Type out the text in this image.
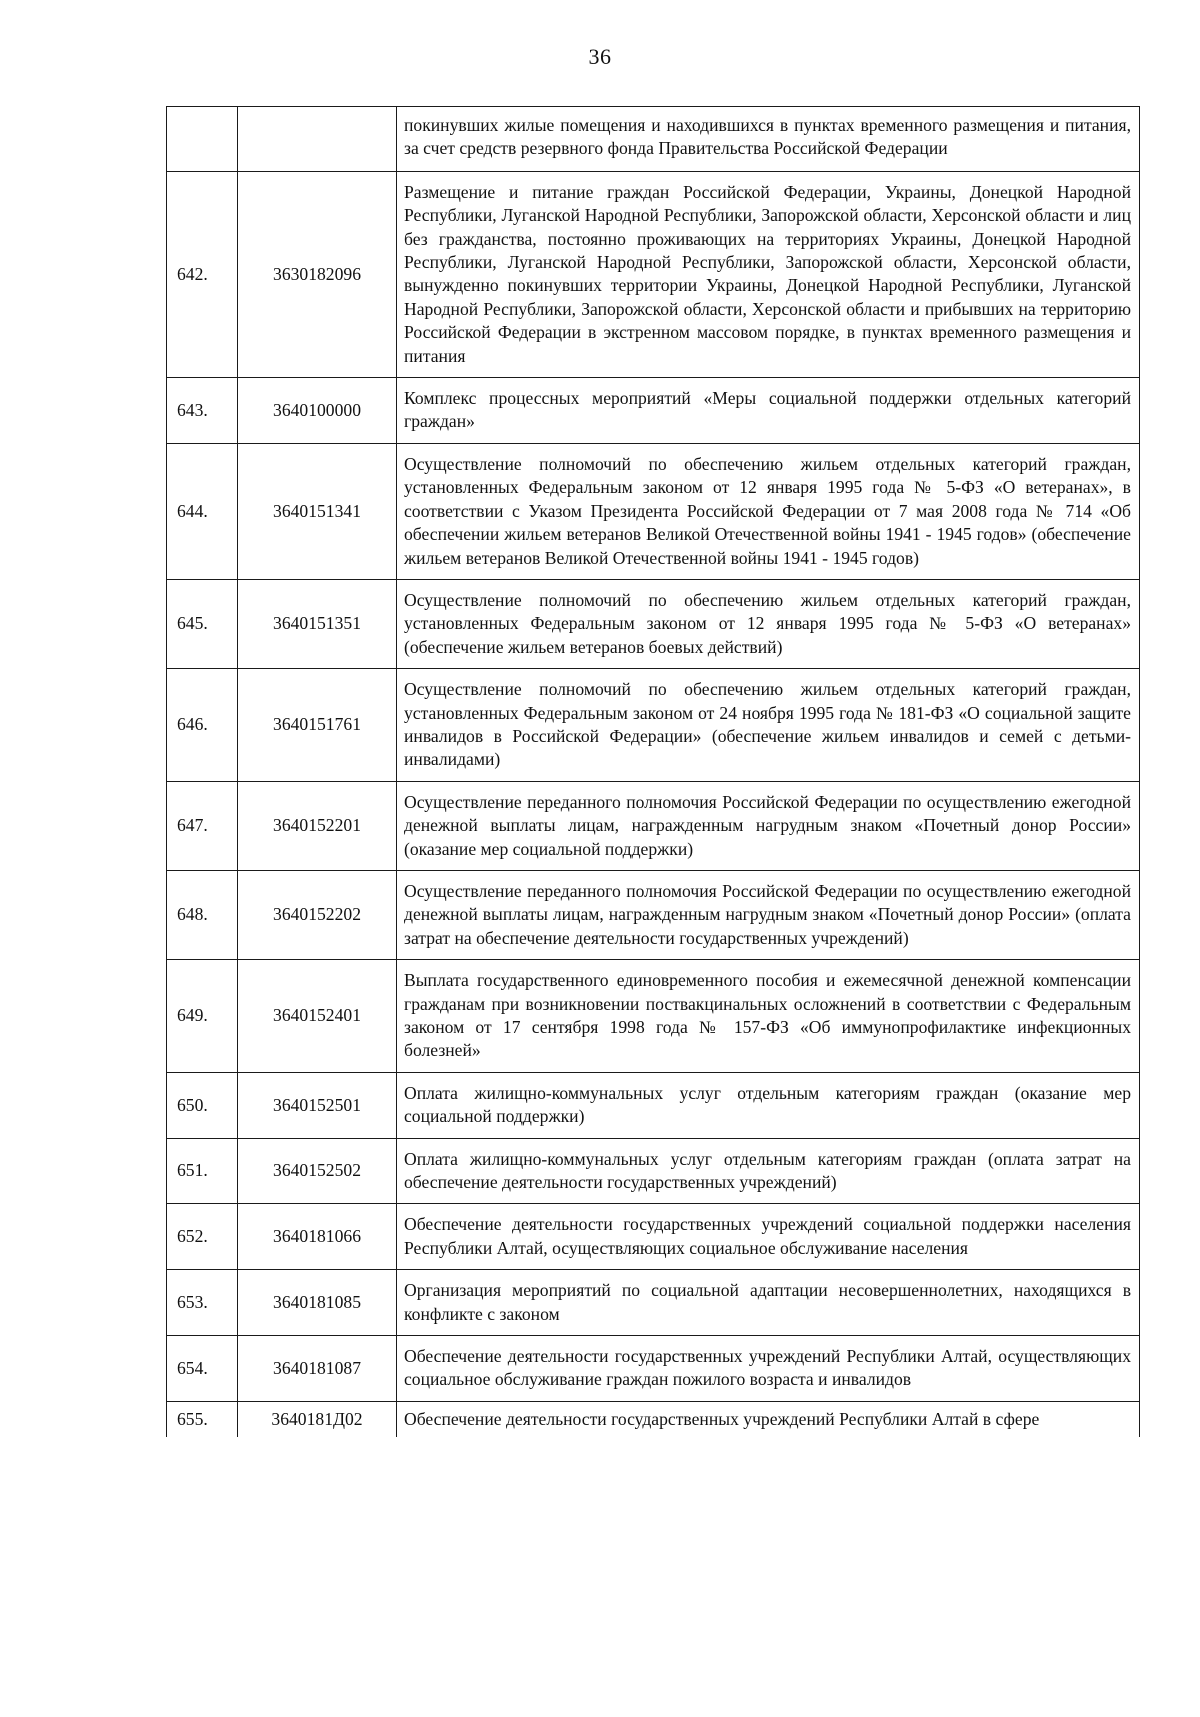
36
		покинувших жилые помещения и находившихся в пунктах временного размещения и питания, за счет средств резервного фонда Правительства Российской Федерации
642.	3630182096	Размещение и питание граждан Российской Федерации, Украины, Донецкой Народной Республики, Луганской Народной Республики, Запорожской области, Херсонской области и лиц без гражданства, постоянно проживающих на территориях Украины, Донецкой Народной Республики, Луганской Народной Республики, Запорожской области, Херсонской области, вынужденно покинувших территории Украины, Донецкой Народной Республики, Луганской Народной Республики, Запорожской области, Херсонской области и прибывших на территорию Российской Федерации в экстренном массовом порядке, в пунктах временного размещения и питания
643.	3640100000	Комплекс процессных мероприятий «Меры социальной поддержки отдельных категорий граждан»
644.	3640151341	Осуществление полномочий по обеспечению жильем отдельных категорий граждан, установленных Федеральным законом от 12 января 1995 года № 5-ФЗ «О ветеранах», в соответствии с Указом Президента Российской Федерации от 7 мая 2008 года № 714 «Об обеспечении жильем ветеранов Великой Отечественной войны 1941 - 1945 годов» (обеспечение жильем ветеранов Великой Отечественной войны 1941 - 1945 годов)
645.	3640151351	Осуществление полномочий по обеспечению жильем отдельных категорий граждан, установленных Федеральным законом от 12 января 1995 года № 5-ФЗ «О ветеранах» (обеспечение жильем ветеранов боевых действий)
646.	3640151761	Осуществление полномочий по обеспечению жильем отдельных категорий граждан, установленных Федеральным законом от 24 ноября 1995 года № 181-ФЗ «О социальной защите инвалидов в Российской Федерации» (обеспечение жильем инвалидов и семей с детьми-инвалидами)
647.	3640152201	Осуществление переданного полномочия Российской Федерации по осуществлению ежегодной денежной выплаты лицам, награжденным нагрудным знаком «Почетный донор России» (оказание мер социальной поддержки)
648.	3640152202	Осуществление переданного полномочия Российской Федерации по осуществлению ежегодной денежной выплаты лицам, награжденным нагрудным знаком «Почетный донор России» (оплата затрат на обеспечение деятельности государственных учреждений)
649.	3640152401	Выплата государственного единовременного пособия и ежемесячной денежной компенсации гражданам при возникновении поствакцинальных осложнений в соответствии с Федеральным законом от 17 сентября 1998 года № 157-ФЗ «Об иммунопрофилактике инфекционных болезней»
650.	3640152501	Оплата жилищно-коммунальных услуг отдельным категориям граждан (оказание мер социальной поддержки)
651.	3640152502	Оплата жилищно-коммунальных услуг отдельным категориям граждан (оплата затрат на обеспечение деятельности государственных учреждений)
652.	3640181066	Обеспечение деятельности государственных учреждений социальной поддержки населения Республики Алтай, осуществляющих социальное обслуживание населения
653.	3640181085	Организация мероприятий по социальной адаптации несовершеннолетних, находящихся в конфликте с законом
654.	3640181087	Обеспечение деятельности государственных учреждений Республики Алтай, осуществляющих социальное обслуживание граждан пожилого возраста и инвалидов
655.	364018‌1Д02	Обеспечение деятельности государственных учреждений Республики Алтай в сфере
